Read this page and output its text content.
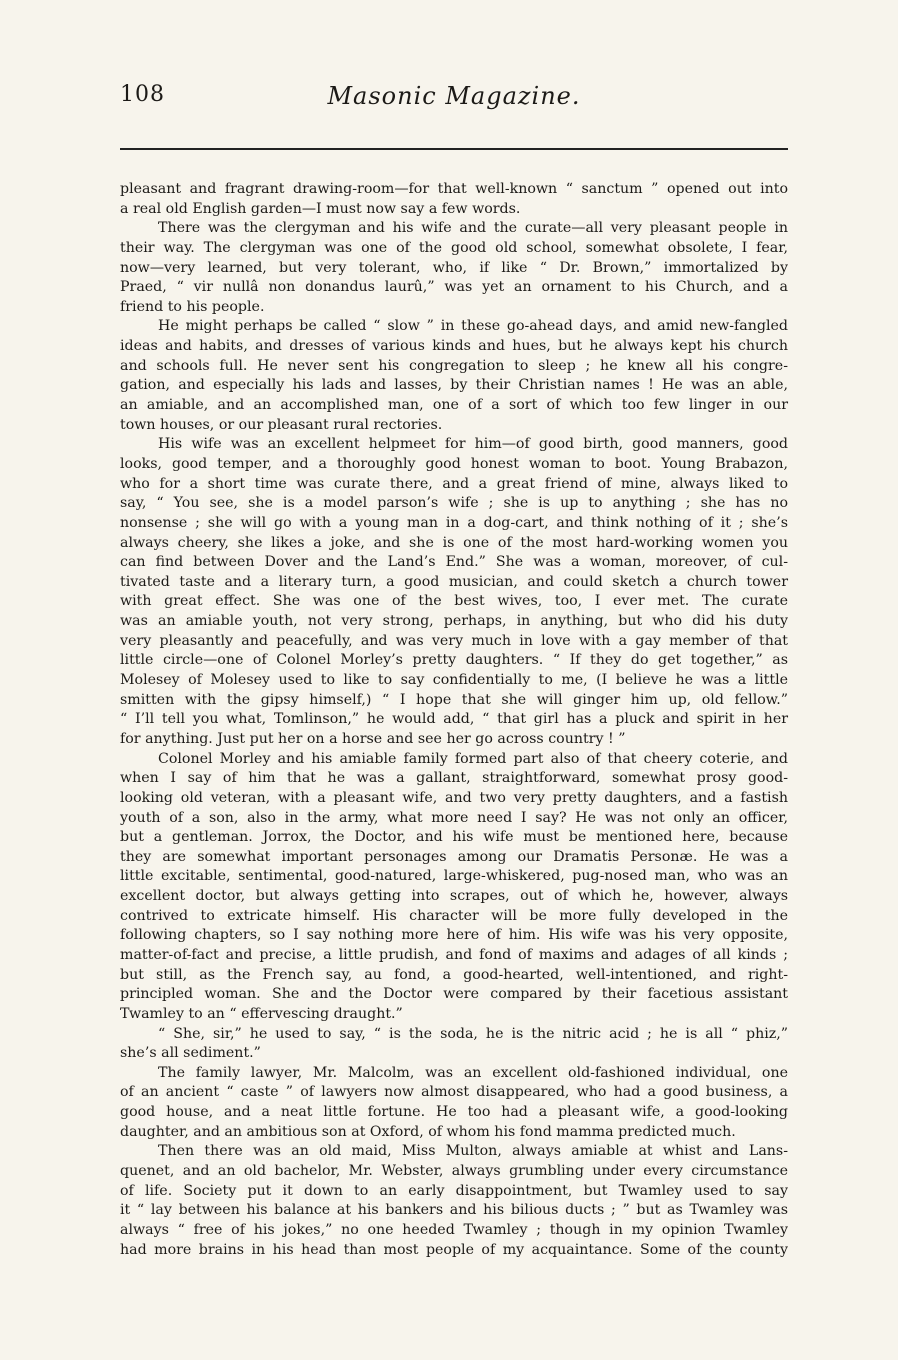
108	Masonic Magazine.
pleasant and fragrant drawing-room—for that well-known “ sanctum ” opened out into
a real old English garden—I must now say a few words.
There was the clergyman and his wife and the curate—all very pleasant people in
their way. The clergyman was one of the good old school, somewhat obsolete, I fear,
now—very learned, but very tolerant, who, if like “ Dr. Brown,” immortalized by
Praed, “ vir nullâ non donandus laurû,” was yet an ornament to his Church, and a
friend to his people.
He might perhaps be called “ slow ” in these go-ahead days, and amid new-fangled
ideas and habits, and dresses of various kinds and hues, but he always kept his church
and schools full. He never sent his congregation to sleep ; he knew all his congre-
gation, and especially his lads and lasses, by their Christian names ! He was an able,
an amiable, and an accomplished man, one of a sort of which too few linger in our
town houses, or our pleasant rural rectories.
His wife was an excellent helpmeet for him—of good birth, good manners, good
looks, good temper, and a thoroughly good honest woman to boot. Young Brabazon,
who for a short time was curate there, and a great friend of mine, always liked to
say, “ You see, she is a model parson’s wife ; she is up to anything ; she has no
nonsense ; she will go with a young man in a dog-cart, and think nothing of it ; she’s
always cheery, she likes a joke, and she is one of the most hard-working women you
can find between Dover and the Land’s End.” She was a woman, moreover, of cul-
tivated taste and a literary turn, a good musician, and could sketch a church tower
with great effect. She was one of the best wives, too, I ever met. The curate
was an amiable youth, not very strong, perhaps, in anything, but who did his duty
very pleasantly and peacefully, and was very much in love with a gay member of that
little circle—one of Colonel Morley’s pretty daughters. “ If they do get together,” as
Molesey of Molesey used to like to say confidentially to me, (I believe he was a little
smitten with the gipsy himself,) “ I hope that she will ginger him up, old fellow.”
“ I’ll tell you what, Tomlinson,” he would add, “ that girl has a pluck and spirit in her
for anything. Just put her on a horse and see her go across country ! ”
Colonel Morley and his amiable family formed part also of that cheery coterie, and
when I say of him that he was a gallant, straightforward, somewhat prosy good-
looking old veteran, with a pleasant wife, and two very pretty daughters, and a fastish
youth of a son, also in the army, what more need I say? He was not only an officer,
but a gentleman. Jorrox, the Doctor, and his wife must be mentioned here, because
they are somewhat important personages among our Dramatis Personæ. He was a
little excitable, sentimental, good-natured, large-whiskered, pug-nosed man, who was an
excellent doctor, but always getting into scrapes, out of which he, however, always
contrived to extricate himself. His character will be more fully developed in the
following chapters, so I say nothing more here of him. His wife was his very opposite,
matter-of-fact and precise, a little prudish, and fond of maxims and adages of all kinds ;
but still, as the French say, au fond, a good-hearted, well-intentioned, and right-
principled woman. She and the Doctor were compared by their facetious assistant
Twamley to an “ effervescing draught.”
“ She, sir,” he used to say, “ is the soda, he is the nitric acid ; he is all “ phiz,”
she’s all sediment.”
The family lawyer, Mr. Malcolm, was an excellent old-fashioned individual, one
of an ancient “ caste ” of lawyers now almost disappeared, who had a good business, a
good house, and a neat little fortune. He too had a pleasant wife, a good-looking
daughter, and an ambitious son at Oxford, of whom his fond mamma predicted much.
Then there was an old maid, Miss Multon, always amiable at whist and Lans-
quenet, and an old bachelor, Mr. Webster, always grumbling under every circumstance
of life. Society put it down to an early disappointment, but Twamley used to say
it “ lay between his balance at his bankers and his bilious ducts ; ” but as Twamley was
always “ free of his jokes,” no one heeded Twamley ; though in my opinion Twamley
had more brains in his head than most people of my acquaintance. Some of the county
